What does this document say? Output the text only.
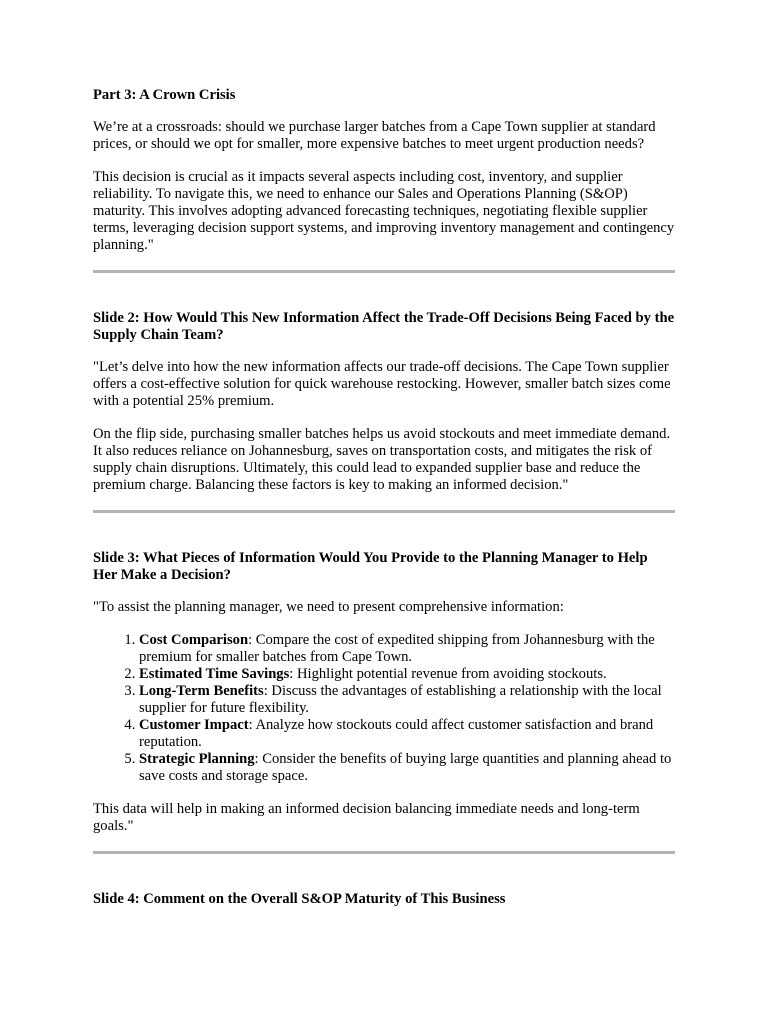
Part 3: A Crown Crisis

We’re at a crossroads: should we purchase larger batches from a Cape Town supplier at standard prices, or should we opt for smaller, more expensive batches to meet urgent production needs?

This decision is crucial as it impacts several aspects including cost, inventory, and supplier reliability. To navigate this, we need to enhance our Sales and Operations Planning (S&OP) maturity. This involves adopting advanced forecasting techniques, negotiating flexible supplier terms, leveraging decision support systems, and improving inventory management and contingency planning."

Slide 2: How Would This New Information Affect the Trade-Off Decisions Being Faced by the Supply Chain Team?

"Let’s delve into how the new information affects our trade-off decisions. The Cape Town supplier offers a cost-effective solution for quick warehouse restocking. However, smaller batch sizes come with a potential 25% premium.

On the flip side, purchasing smaller batches helps us avoid stockouts and meet immediate demand. It also reduces reliance on Johannesburg, saves on transportation costs, and mitigates the risk of supply chain disruptions. Ultimately, this could lead to expanded supplier base and reduce the premium charge. Balancing these factors is key to making an informed decision."

Slide 3: What Pieces of Information Would You Provide to the Planning Manager to Help Her Make a Decision?

"To assist the planning manager, we need to present comprehensive information:

1. Cost Comparison: Compare the cost of expedited shipping from Johannesburg with the premium for smaller batches from Cape Town.
2. Estimated Time Savings: Highlight potential revenue from avoiding stockouts.
3. Long-Term Benefits: Discuss the advantages of establishing a relationship with the local supplier for future flexibility.
4. Customer Impact: Analyze how stockouts could affect customer satisfaction and brand reputation.
5. Strategic Planning: Consider the benefits of buying large quantities and planning ahead to save costs and storage space.

This data will help in making an informed decision balancing immediate needs and long-term goals."

Slide 4: Comment on the Overall S&OP Maturity of This Business
